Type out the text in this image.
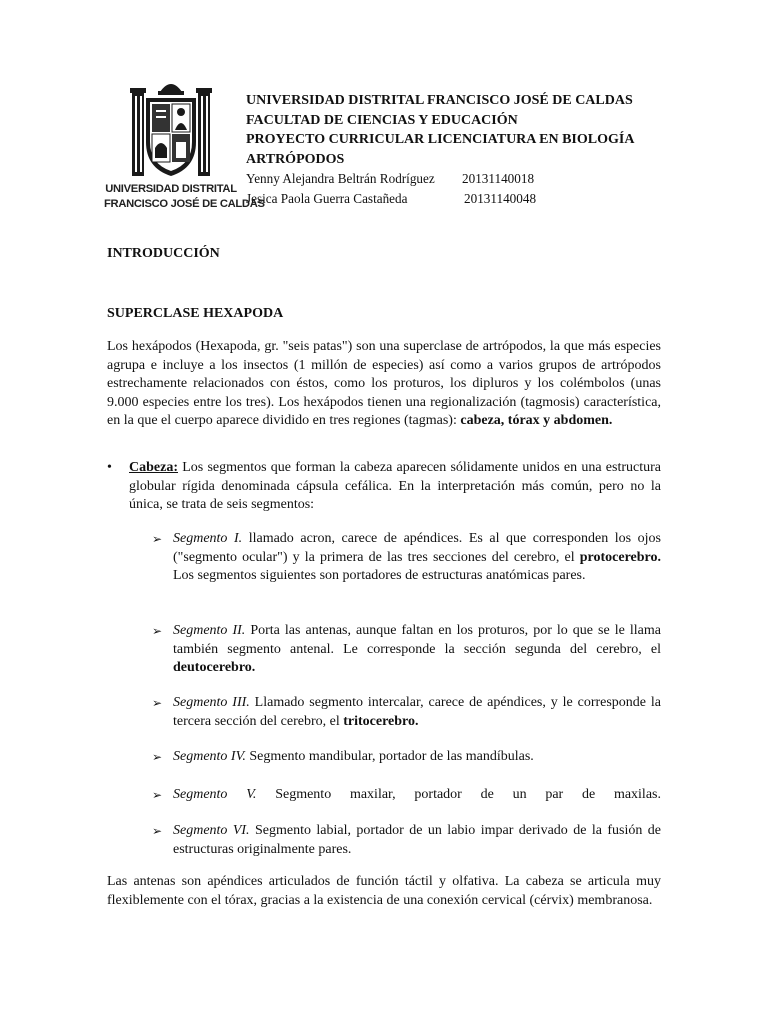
UNIVERSIDAD DISTRITAL
FRANCISCO JOSÉ DE CALDAS
UNIVERSIDAD DISTRITAL FRANCISCO JOSÉ DE CALDAS
FACULTAD DE CIENCIAS Y EDUCACIÓN
PROYECTO CURRICULAR LICENCIATURA EN BIOLOGÍA
ARTRÓPODOS
Yenny Alejandra Beltrán Rodríguez	20131140018
Jesica Paola Guerra Castañeda	20131140048
INTRODUCCIÓN
SUPERCLASE HEXAPODA
Los hexápodos (Hexapoda, gr. "seis patas") son una superclase de artrópodos, la que más especies agrupa e incluye a los insectos (1 millón de especies) así como a varios grupos de artrópodos estrechamente relacionados con éstos, como los proturos, los dipluros y los colémbolos (unas 9.000 especies entre los tres). Los hexápodos tienen una regionalización (tagmosis) característica, en la que el cuerpo aparece dividido en tres regiones (tagmas): cabeza, tórax y abdomen.
• Cabeza: Los segmentos que forman la cabeza aparecen sólidamente unidos en una estructura globular rígida denominada cápsula cefálica. En la interpretación más común, pero no la única, se trata de seis segmentos:
➢ Segmento I. llamado acron, carece de apéndices. Es al que corresponden los ojos ("segmento ocular") y la primera de las tres secciones del cerebro, el protocerebro. Los segmentos siguientes son portadores de estructuras anatómicas pares.
➢ Segmento II. Porta las antenas, aunque faltan en los proturos, por lo que se le llama también segmento antenal. Le corresponde la sección segunda del cerebro, el deutocerebro.
➢ Segmento III. Llamado segmento intercalar, carece de apéndices, y le corresponde la tercera sección del cerebro, el tritocerebro.
➢ Segmento IV. Segmento mandibular, portador de las mandíbulas.
➢ Segmento V. Segmento maxilar, portador de un par de maxilas.
➢ Segmento VI. Segmento labial, portador de un labio impar derivado de la fusión de estructuras originalmente pares.
Las antenas son apéndices articulados de función táctil y olfativa. La cabeza se articula muy flexiblemente con el tórax, gracias a la existencia de una conexión cervical (cérvix) membranosa.
